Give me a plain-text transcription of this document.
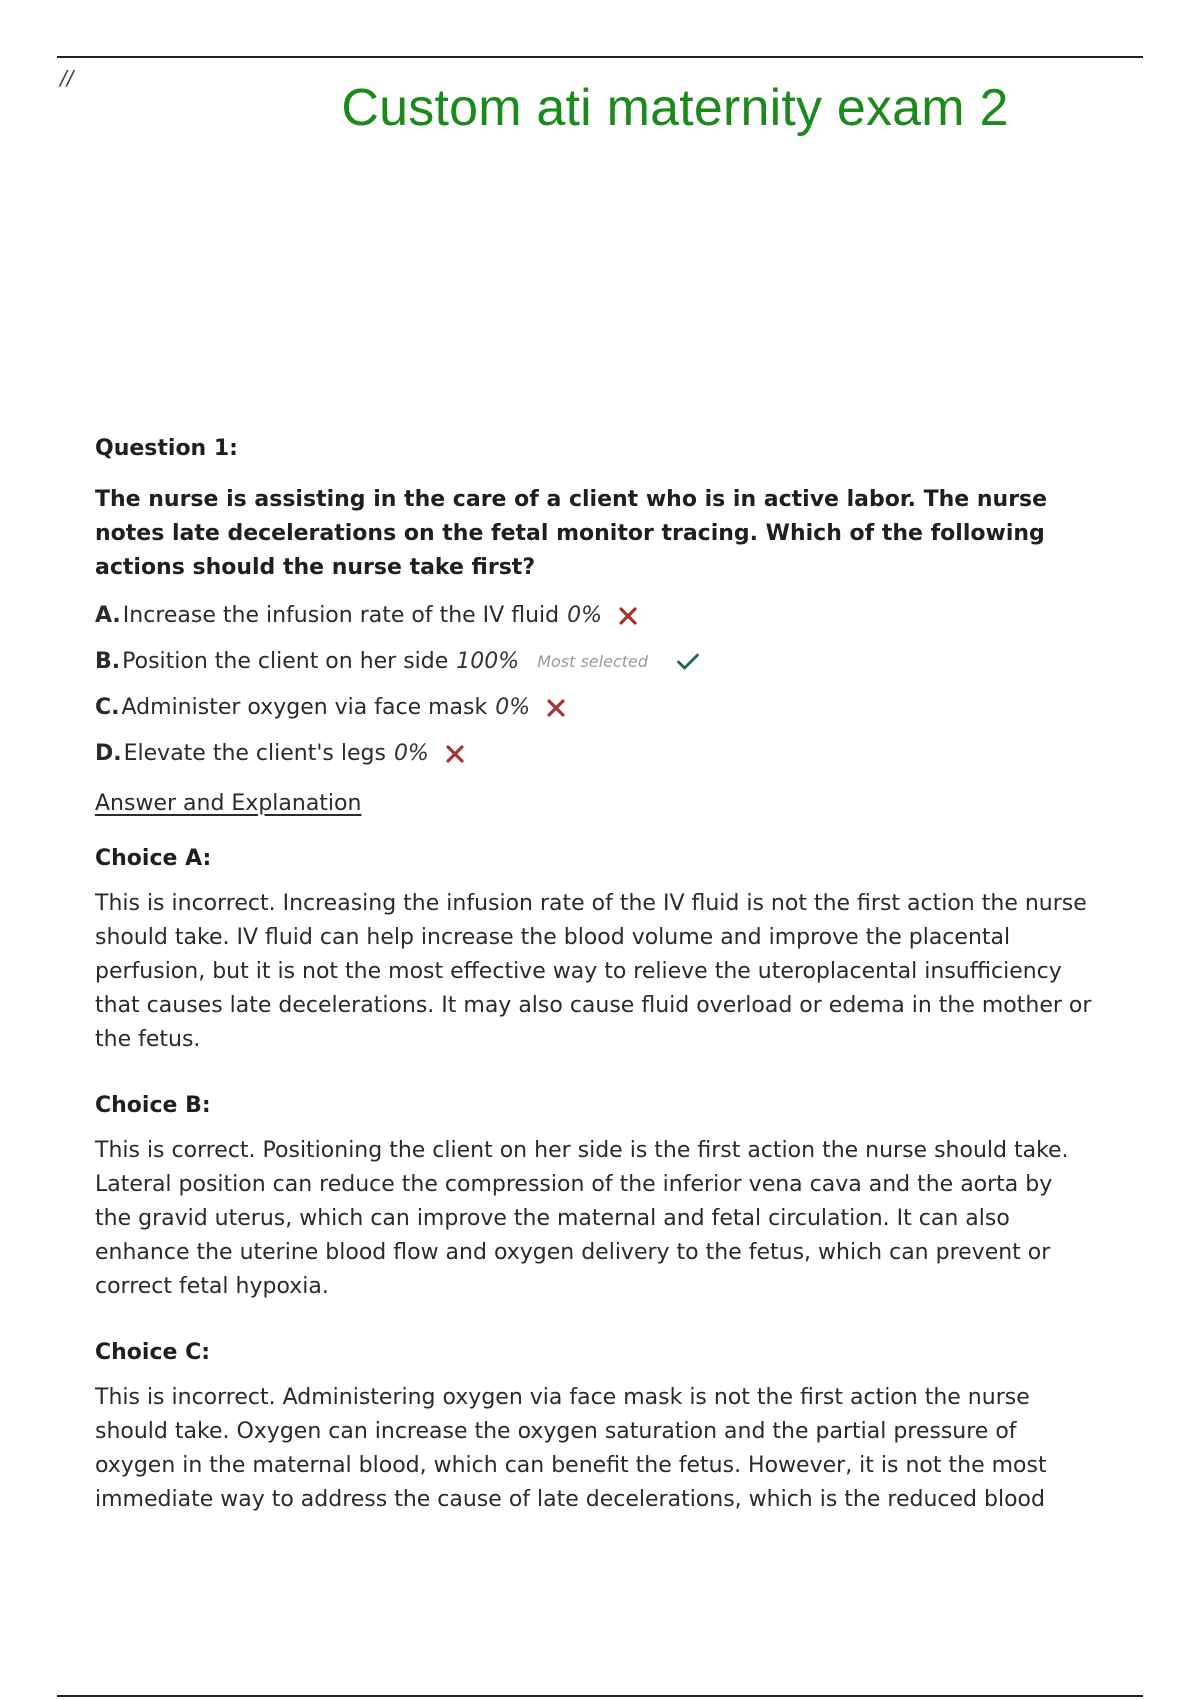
//
Custom ati maternity exam 2
Question 1:
The nurse is assisting in the care of a client who is in active labor. The nurse notes late decelerations on the fetal monitor tracing. Which of the following actions should the nurse take first?
A. Increase the infusion rate of the IV fluid 0%
B. Position the client on her side 100% Most selected
C. Administer oxygen via face mask 0%
D. Elevate the client's legs 0%
Answer and Explanation
Choice A:
This is incorrect. Increasing the infusion rate of the IV fluid is not the first action the nurse should take. IV fluid can help increase the blood volume and improve the placental perfusion, but it is not the most effective way to relieve the uteroplacental insufficiency that causes late decelerations. It may also cause fluid overload or edema in the mother or the fetus.
Choice B:
This is correct. Positioning the client on her side is the first action the nurse should take. Lateral position can reduce the compression of the inferior vena cava and the aorta by the gravid uterus, which can improve the maternal and fetal circulation. It can also enhance the uterine blood flow and oxygen delivery to the fetus, which can prevent or correct fetal hypoxia.
Choice C:
This is incorrect. Administering oxygen via face mask is not the first action the nurse should take. Oxygen can increase the oxygen saturation and the partial pressure of oxygen in the maternal blood, which can benefit the fetus. However, it is not the most immediate way to address the cause of late decelerations, which is the reduced blood
